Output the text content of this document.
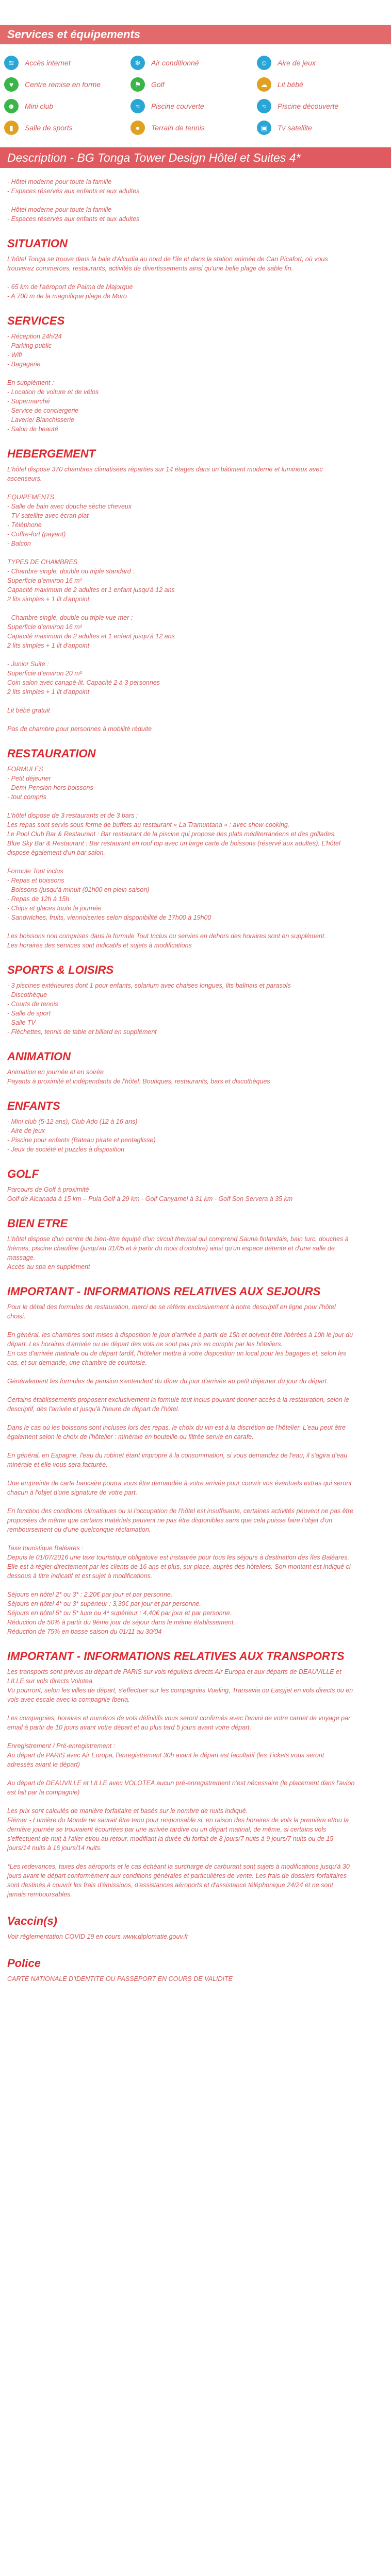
Services et équipements
≋	Accès internet	❄	Air conditionné	☺	Aire de jeux
♥	Centre remise en forme	⚑	Golf	☁	Lit bébé
☻	Mini club	≈	Piscine couverte	≈	Piscine découverte
▮	Salle de sports	●	Terrain de tennis	▣	Tv satellite
Description - BG Tonga Tower Design Hôtel et Suites 4*

- Hôtel moderne pour toute la famille

- Espaces réservés aux enfants et aux adultes

- Hôtel moderne pour toute la famille

- Espaces réservés aux enfants et aux adultes

SITUATION

L'hôtel Tonga se trouve dans la baie d'Alcudia au nord de l'île et dans la station animée de Can Picafort, où vous

trouverez commerces, restaurants, activités de divertissements ainsi qu'une belle plage de sable fin.

- 65 km de l'aéroport de Palma de Majorque

- A 700 m de la magnifique plage de Muro

SERVICES

- Réception 24h/24

- Parking public

- Wifi

- Bagagerie

En supplément :

- Location de voiture et de vélos

- Supermarché

- Service de conciergerie

- Laverie/ Blanchisserie

- Salon de beauté

HEBERGEMENT

L'hôtel dispose 370 chambres climatisées réparties sur 14 étages dans un bâtiment moderne et lumineux avec

ascenseurs.

EQUIPEMENTS

- Salle de bain avec douche sèche cheveux

- TV satellite avec écran plat

- Téléphone

- Coffre-fort (payant)

- Balcon

TYPES DE CHAMBRES

- Chambre single, double ou triple standard :

Superficie d'environ 16 m²

Capacité maximum de 2 adultes et 1 enfant jusqu'à 12 ans

2 lits simples + 1 lit d'appoint

- Chambre single, double ou triple vue mer :

Superficie d'environ 16 m²

Capacité maximum de 2 adultes et 1 enfant jusqu'à 12 ans

2 lits simples + 1 lit d'appoint

- Junior Suite :

Superficie d'environ 20 m²

Coin salon avec canapé-lit. Capacité 2 à 3 personnes

2 lits simples + 1 lit d'appoint

Lit bébé gratuit

Pas de chambre pour personnes à mobilité réduite

RESTAURATION

FORMULES

- Petit déjeuner

- Demi-Pension hors boissons

- tout compris

L'hôtel dispose de 3 restaurants et de 3 bars :

Les repas sont servis sous forme de buffets au restaurant « La Tramuntana » : avec show-cooking.

Le Pool Club Bar & Restaurant : Bar restaurant de la piscine qui propose des plats méditerranéens et des grillades.

Blue Sky Bar & Restaurant : Bar restaurant en roof top avec un large carte de boissons (réservé aux adultes). L'hôtel

dispose également d'un bar salon.

Formule Tout inclus

- Repas et boissons

- Boissons (jusqu'à minuit (01h00 en plein saison)

- Repas de 12h à 15h

- Chips et glaces toute la journée

- Sandwiches, fruits, viennoiseries selon disponibilité de 17h00 à 19h00

Les boissons non comprises dans la formule Tout Inclus ou servies en dehors des horaires sont en supplément.

Les horaires des services sont indicatifs et sujets à modifications

SPORTS & LOISIRS

- 3 piscines extérieures dont 1 pour enfants, solarium avec chaises longues, lits balinais et parasols

- Discothèque

- Courts de tennis

- Salle de sport

- Salle TV

- Fléchettes, tennis de table et billard en supplément

ANIMATION

Animation en journée et en soirée

Payants à proximité et indépendants de l'hôtel: Boutiques, restaurants, bars et discothèques

ENFANTS

- Mini club (5-12 ans), Club Ado (12 à 16 ans)

- Aire de jeux

- Piscine pour enfants (Bateau pirate et pentaglisse)

- Jeux de société et puzzles à disposition

GOLF

Parcours de Golf à proximité

Golf de Alcanada à 15 km – Pula Golf à 29 km - Golf Canyamel à 31 km - Golf Son Servera à 35 km

BIEN ETRE

L'hôtel dispose d'un centre de bien-être équipé d'un circuit thermal qui comprend Sauna finlandais, bain turc, douches à

thèmes, piscine chauffée (jusqu'au 31/05 et à partir du mois d'octobre) ainsi qu'un espace détente et d'une salle de

massage.

Accès au spa en supplément

IMPORTANT - INFORMATIONS RELATIVES AUX SEJOURS

Pour le détail des formules de restauration, merci de se référer exclusivement à notre descriptif en ligne pour l'hôtel

choisi.

En général, les chambres sont mises à disposition le jour d'arrivée à partir de 15h et doivent être libérées à 10h le jour du

départ. Les horaires d'arrivée ou de départ des vols ne sont pas pris en compte par les hôteliers.

En cas d'arrivée matinale ou de départ tardif, l'hôtelier mettra à votre disposition un local pour les bagages et, selon les

cas, et sur demande, une chambre de courtoisie.

Généralement les formules de pension s'entendent du dîner du jour d'arrivée au petit déjeuner du jour du départ.

Certains établissements proposent exclusivement la formule tout inclus pouvant donner accès à la restauration, selon le

descriptif, dès l'arrivée et jusqu'à l'heure de départ de l'hôtel.

Dans le cas où les boissons sont incluses lors des repas, le choix du vin est à la discrétion de l'hôtelier. L'eau peut être

également selon le choix de l'hôtelier : minérale en bouteille ou filtrée servie en carafe.

En général, en Espagne, l'eau du robinet étant impropre à la consommation, si vous demandez de l'eau, il s'agira d'eau

minérale et elle vous sera facturée.

Une empreinte de carte bancaire pourra vous être demandée à votre arrivée pour couvrir vos éventuels extras qui seront

chacun à l'objet d'une signature de votre part.

En fonction des conditions climatiques ou si l'occupation de l'hôtel est insuffisante, certaines activités peuvent ne pas être

proposées de même que certains matériels peuvent ne pas être disponibles sans que cela puisse faire l'objet d'un

remboursement ou d'une quelconque réclamation.

Taxe touristique Baléares :

Depuis le 01/07/2016 une taxe touristique obligatoire est instaurée pour tous les séjours à destination des îles Baléares.

Elle est à régler directement par les clients de 16 ans et plus, sur place, auprès des hôteliers. Son montant est indiqué ci-

dessous à titre indicatif et est sujet à modifications.

Séjours en hôtel 2* ou 3* : 2,20€ par jour et par personne.

Séjours en hôtel 4* ou 3* supérieur : 3,30€ par jour et par personne.

Séjours en hôtel 5* ou 5* luxe ou 4* supérieur : 4,40€ par jour et par personne.

Réduction de 50% à partir du 9ème jour de séjour dans le même établissement.

Réduction de 75% en basse saison du 01/11 au 30/04

IMPORTANT - INFORMATIONS RELATIVES AUX TRANSPORTS

Les transports sont prévus au départ de PARIS sur vols réguliers directs Air Europa et aux départs de DEAUVILLE et

LILLE sur vols directs Volotea.

Vu pourront, selon les villes de départ, s'effectuer sur les compagnies Vueling, Transavia ou Easyjet en vols directs ou en

vols avec escale avec la compagnie Iberia.

Les compagnies, horaires et numéros de vols définitifs vous seront confirmés avec l'envoi de votre carnet de voyage par

email à partir de 10 jours avant votre départ et au plus tard 5 jours avant votre départ.

Enregistrement / Pré-enregistrement :

Au départ de PARIS avec Air Europa, l'enregistrement 30h avant le départ est facultatif (les Tickets vous seront

adressés avant le départ)

Au départ de DEAUVILLE et LILLE avec VOLOTEA aucun pré-enregistrement n'est nécessaire (le placement dans l'avion

est fait par la compagnie)

Les prix sont calculés de manière forfaitaire et basés sur le nombre de nuits indiqué.

Flémer - Lumière du Monde ne saurait être tenu pour responsable si, en raison des horaires de vols la première et/ou la

dernière journée se trouvaient écourtées par une arrivée tardive ou un départ matinal, de même, si certains vols

s'effectuent de nuit à l'aller et/ou au retour, modifiant la durée du forfait de 8 jours/7 nuits à 9 jours/7 nuits ou de 15

jours/14 nuits à 16 jours/14 nuits.

*Les redevances, taxes des aéroports et le cas échéant la surcharge de carburant sont sujets à modifications jusqu'à 30

jours avant le départ conformément aux conditions générales et particulières de vente. Les frais de dossiers forfaitaires

sont destinés à couvrir les frais d'émissions, d'assistances aéroports et d'assistance téléphonique 24/24 et ne sont

jamais remboursables.

Vaccin(s)

Voir règlementation COVID 19 en cours www.diplomatie.gouv.fr

Police

CARTE NATIONALE D'IDENTITE OU PASSEPORT EN COURS DE VALIDITE
